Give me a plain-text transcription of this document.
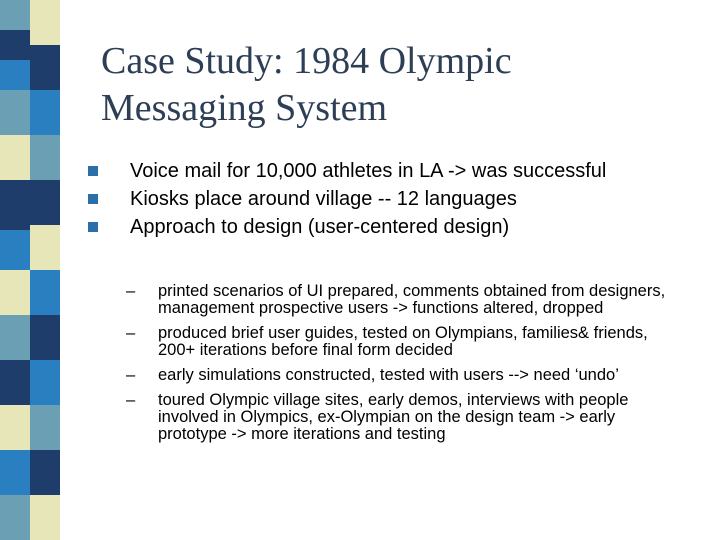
Case Study: 1984 Olympic
Messaging System
Voice mail for 10,000 athletes in LA -> was successful
Kiosks place around village -- 12 languages
Approach to design (user-centered design)
– printed scenarios of UI prepared, comments obtained from designers, management prospective users -> functions altered, dropped
– produced brief user guides, tested on Olympians, families& friends, 200+ iterations before final form decided
– early simulations constructed, tested with users --> need ‘undo’
– toured Olympic village sites, early demos, interviews with people involved in Olympics, ex-Olympian on the design team -> early prototype -> more iterations and testing
